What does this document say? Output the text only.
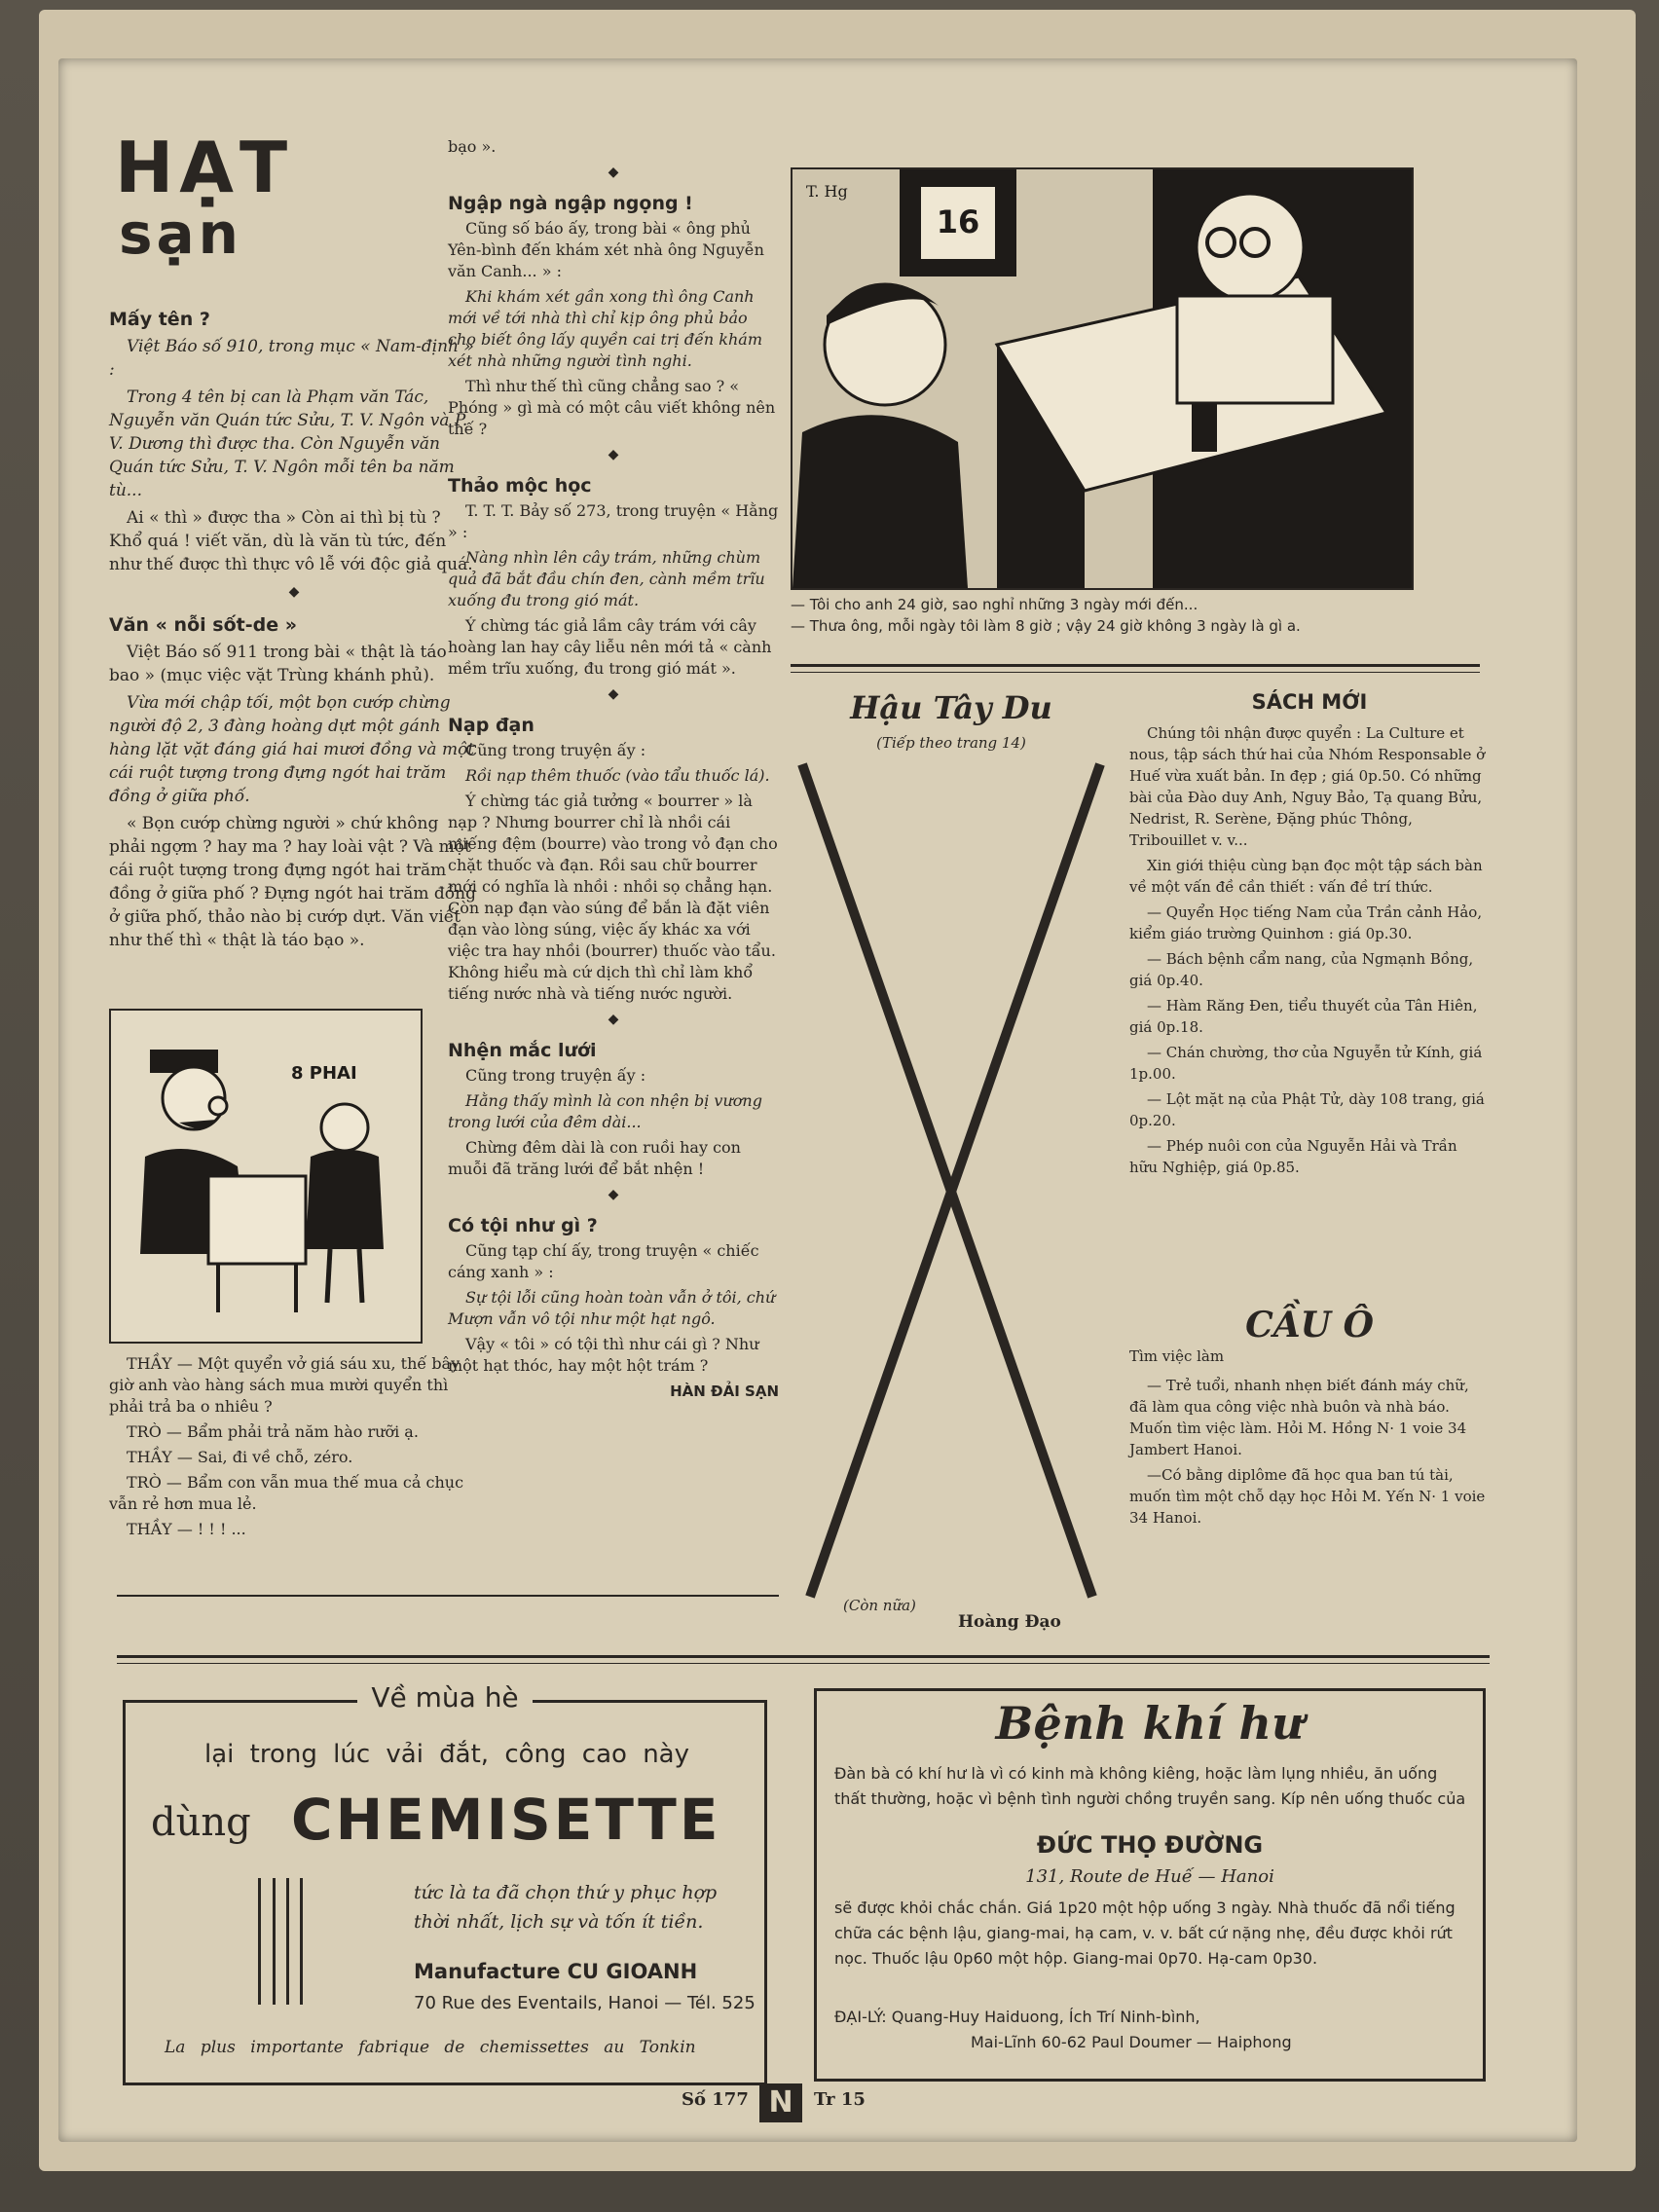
HẠT
sạn
Mấy tên ?

Việt Báo số 910, trong mục « Nam-định » :

Trong 4 tên bị can là Phạm văn Tác, Nguyễn văn Quán tức Sửu, T. V. Ngôn và P. V. Dương thì được tha. Còn Nguyễn văn Quán tức Sửu, T. V. Ngôn mỗi tên ba năm tù...

Ai « thì » được tha » Còn ai thì bị tù ? Khổ quá ! viết văn, dù là văn tù tức, đến như thế được thì thực vô lễ với độc giả quá.

◆
Văn « nỗi sốt-de »

Việt Báo số 911 trong bài « thật là táo bao » (mục việc vặt Trùng khánh phủ).

Vừa mới chập tối, một bọn cướp chừng người độ 2, 3 đàng hoàng dựt một gánh hàng lặt vặt đáng giá hai mươi đồng và một cái ruột tượng trong đựng ngót hai trăm đồng ở giữa phố.

« Bọn cướp chừng người » chứ không phải ngợm ? hay ma ? hay loài vật ? Và một cái ruột tượng trong đựng ngót hai trăm đồng ở giữa phố ? Đựng ngót hai trăm đồng ở giữa phố, thảo nào bị cướp dựt. Văn viết như thế thì « thật là táo bạo ».

8 PHAI

THẦY — Một quyển vở giá sáu xu, thế bây giờ anh vào hàng sách mua mười quyển thì phải trả ba o nhiêu ?

TRÒ — Bẩm phải trả năm hào rưỡi ạ.

THẦY — Sai, đi về chỗ, zéro.

TRÒ — Bẩm con vẫn mua thế mua cả chục vẫn rẻ hơn mua lẻ.

THẦY — ! ! ! ...

bạo ».
◆
Ngập ngà ngập ngọng !

Cũng số báo ấy, trong bài « ông phủ Yên-bình đến khám xét nhà ông Nguyễn văn Canh... » :

Khi khám xét gần xong thì ông Canh mới về tới nhà thì chỉ kịp ông phủ bảo cho biết ông lấy quyền cai trị đến khám xét nhà những người tình nghi.

Thì như thế thì cũng chẳng sao ? « Phóng » gì mà có một câu viết không nên thế ?

◆
Thảo mộc học

T. T. T. Bảy số 273, trong truyện « Hằng » :

Nàng nhìn lên cây trám, những chùm quả đã bắt đầu chín đen, cành mềm trĩu xuống đu trong gió mát.

Ý chừng tác giả lầm cây trám với cây hoàng lan hay cây liễu nên mới tả « cành mềm trĩu xuống, đu trong gió mát ».

◆
Nạp đạn

Cũng trong truyện ấy :

Rồi nạp thêm thuốc (vào tẩu thuốc lá).

Ý chừng tác giả tưởng « bourrer » là nạp ? Nhưng bourrer chỉ là nhồi cái miếng đệm (bourre) vào trong vỏ đạn cho chặt thuốc và đạn. Rồi sau chữ bourrer mới có nghĩa là nhồi : nhồi sọ chẳng hạn. Còn nạp đạn vào súng để bắn là đặt viên đạn vào lòng súng, việc ấy khác xa với việc tra hay nhồi (bourrer) thuốc vào tẩu. Không hiểu mà cứ dịch thì chỉ làm khổ tiếng nước nhà và tiếng nước người.

◆
Nhện mắc lưới

Cũng trong truyện ấy :

Hằng thấy mình là con nhện bị vương trong lưới của đêm dài...

Chừng đêm dài là con ruồi hay con muỗi đã trăng lưới để bắt nhện !

◆
Có tội như gì ?

Cũng tạp chí ấy, trong truyện « chiếc cáng xanh » :

Sự tội lỗi cũng hoàn toàn vẫn ở tôi, chứ Mượn vẫn vô tội như một hạt ngô.

Vậy « tôi » có tội thì như cái gì ? Như một hạt thóc, hay một hột trám ?

HÀN ĐẢI SẠN
16
T. Hg
— Tôi cho anh 24 giờ, sao nghỉ những 3 ngày mới đến...
— Thưa ông, mỗi ngày tôi làm 8 giờ ; vậy 24 giờ không 3 ngày là gì a.
Hậu Tây Du
(Tiếp theo trang 14)
(Còn nữa)
Hoàng Đạo
SÁCH MỚI

Chúng tôi nhận được quyển : La Culture et nous, tập sách thứ hai của Nhóm Responsable ở Huế vừa xuất bản. In đẹp ; giá 0p.50. Có những bài của Đào duy Anh, Nguy Bảo, Tạ quang Bửu, Nedrist, R. Serène, Đặng phúc Thông, Tribouillet v. v...

Xin giới thiệu cùng bạn đọc một tập sách bàn về một vấn đề cần thiết : vấn đề trí thức.

— Quyển Học tiếng Nam của Trần cảnh Hảo, kiểm giáo trường Quinhơn : giá 0p.30.

— Bách bệnh cẩm nang, của Ngmạnh Bồng, giá 0p.40.

— Hàm Răng Đen, tiểu thuyết của Tân Hiên, giá 0p.18.

— Chán chường, thơ của Nguyễn tử Kính, giá 1p.00.

— Lột mặt nạ của Phật Tử, dày 108 trang, giá 0p.20.

— Phép nuôi con của Nguyễn Hải và Trần hữu Nghiệp, giá 0p.85.

CẦU Ô
Tìm việc làm

— Trẻ tuổi, nhanh nhẹn biết đánh máy chữ, đã làm qua công việc nhà buôn và nhà báo. Muốn tìm việc làm. Hỏi M. Hồng N· 1 voie 34 Jambert Hanoi.

—Có bằng diplôme đã học qua ban tú tài, muốn tìm một chỗ dạy học Hỏi M. Yến N· 1 voie 34 Hanoi.

Về mùa hè
lại trong lúc vải đắt, công cao này
dùng CHEMISETTE
tức là ta đã chọn thứ y phục hợp
thời nhất, lịch sự và tốn ít tiền.
Manufacture CU GIOANH
70 Rue des Eventails, Hanoi — Tél. 525
La plus importante fabrique de chemissettes au Tonkin
Bệnh khí hư
Đàn bà có khí hư là vì có kinh mà không kiêng, hoặc làm lụng nhiều, ăn uống thất thường, hoặc vì bệnh tình người chồng truyền sang. Kíp nên uống thuốc của
ĐỨC THỌ ĐƯỜNG
131, Route de Huế — Hanoi
sẽ được khỏi chắc chắn. Giá 1p20 một hộp uống 3 ngày. Nhà thuốc đã nổi tiếng chữa các bệnh lậu, giang-mai, hạ cam, v. v. bất cứ nặng nhẹ, đều được khỏi rứt nọc. Thuốc lậu 0p60 một hộp. Giang-mai 0p70. Hạ-cam 0p30.
ĐẠI-LÝ: Quang-Huy Haiduong, Ích Trí Ninh-bình,
Mai-Lĩnh 60-62 Paul Doumer — Haiphong
Số 177 N	Tr 15
